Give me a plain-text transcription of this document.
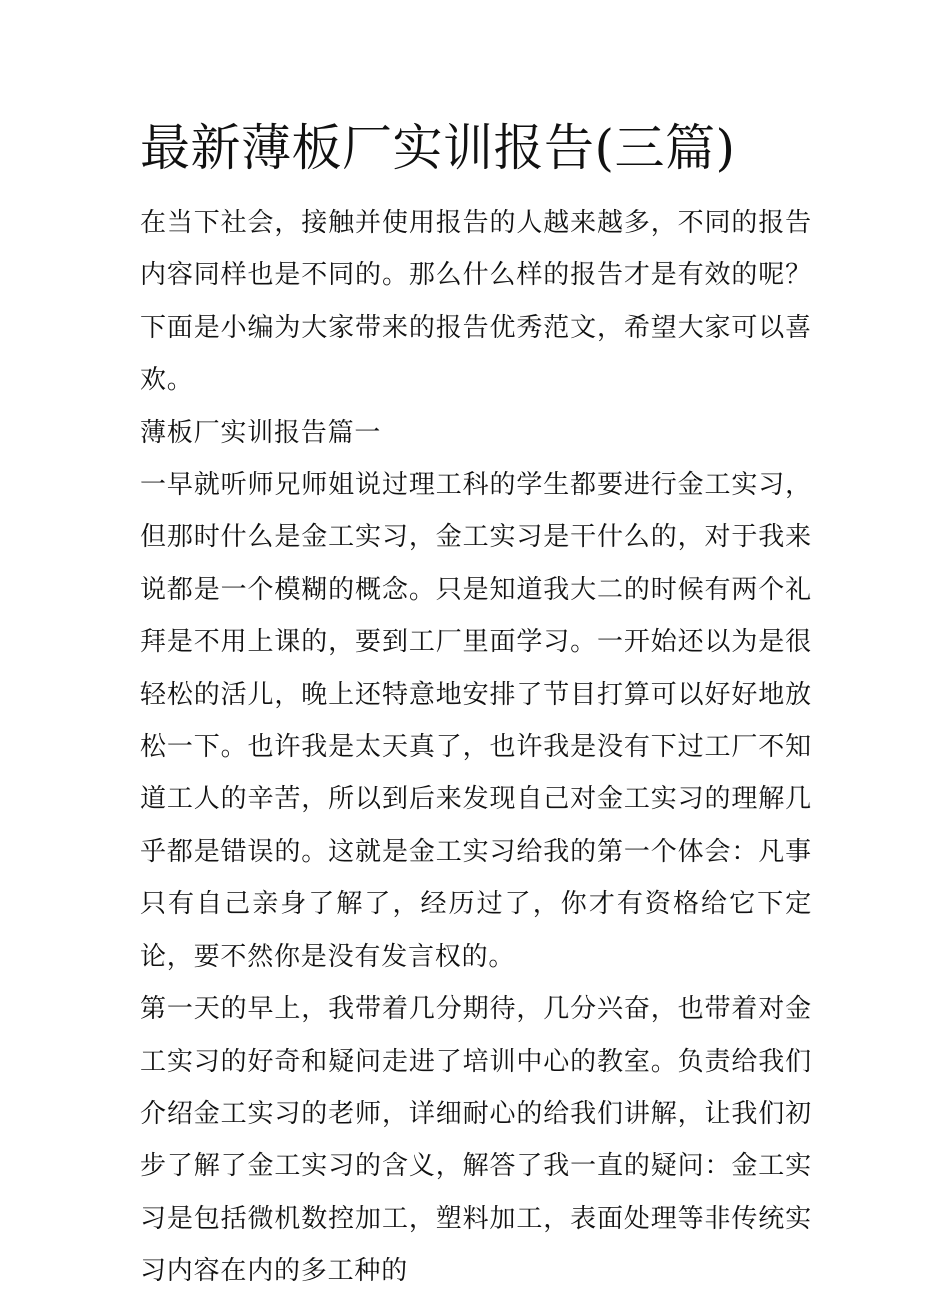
最新薄板厂实训报告(三篇)

在当下社会，接触并使用报告的人越来越多，不同的报告内容同样也是不同的。那么什么样的报告才是有效的呢？下面是小编为大家带来的报告优秀范文，希望大家可以喜欢。

薄板厂实训报告篇一

一早就听师兄师姐说过理工科的学生都要进行金工实习，但那时什么是金工实习，金工实习是干什么的，对于我来说都是一个模糊的概念。只是知道我大二的时候有两个礼拜是不用上课的，要到工厂里面学习。一开始还以为是很轻松的活儿，晚上还特意地安排了节目打算可以好好地放松一下。也许我是太天真了，也许我是没有下过工厂不知道工人的辛苦，所以到后来发现自己对金工实习的理解几乎都是错误的。这就是金工实习给我的第一个体会：凡事只有自己亲身了解了，经历过了，你才有资格给它下定论，要不然你是没有发言权的。

第一天的早上，我带着几分期待，几分兴奋，也带着对金工实习的好奇和疑问走进了培训中心的教室。负责给我们介绍金工实习的老师，详细耐心的给我们讲解，让我们初步了解了金工实习的含义，解答了我一直的疑问：金工实习是包括微机数控加工，塑料加工，表面处理等非传统实习内容在内的多工种的
